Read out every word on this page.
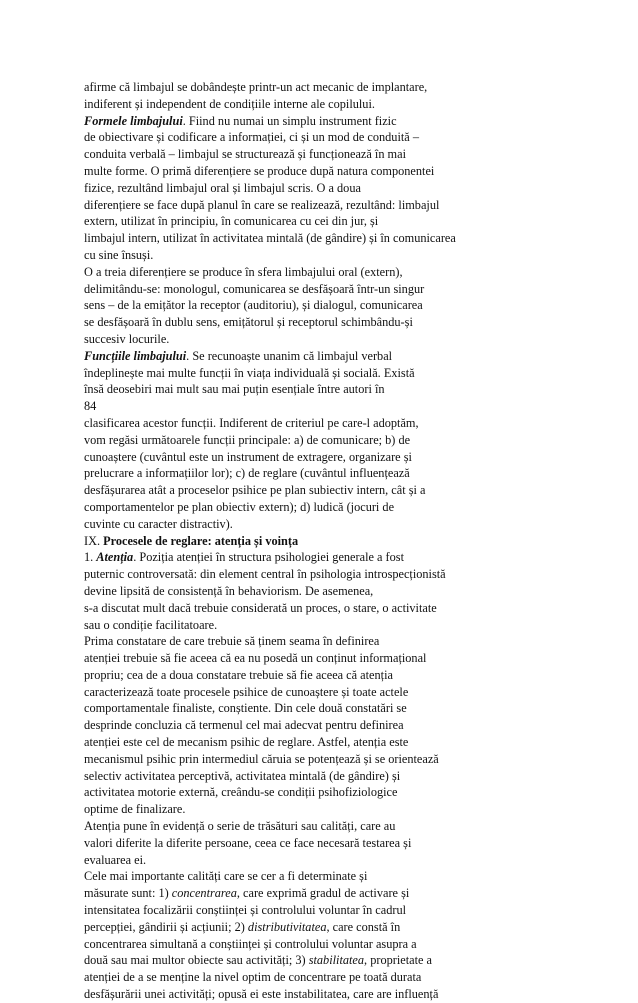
afirme că limbajul se dobândește printr-un act mecanic de implantare,
indiferent și independent de condițiile interne ale copilului.
Formele limbajului. Fiind nu numai un simplu instrument fizic
de obiectivare și codificare a informației, ci și un mod de conduită –
conduita verbală – limbajul se structurează și funcționează în mai
multe forme. O primă diferențiere se produce după natura componentei
fizice, rezultând limbajul oral și limbajul scris. O a doua
diferențiere se face după planul în care se realizează, rezultând: limbajul
extern, utilizat în principiu, în comunicarea cu cei din jur, și
limbajul intern, utilizat în activitatea mintală (de gândire) și în comunicarea
cu sine însuși.
O a treia diferențiere se produce în sfera limbajului oral (extern),
delimitându-se: monologul, comunicarea se desfășoară într-un singur
sens – de la emițător la receptor (auditoriu), și dialogul, comunicarea
se desfășoară în dublu sens, emițătorul și receptorul schimbându-și
succesiv locurile.
Funcțiile limbajului. Se recunoaște unanim că limbajul verbal
îndeplinește mai multe funcții în viața individuală și socială. Există
însă deosebiri mai mult sau mai puțin esențiale între autori în
84
clasificarea acestor funcții. Indiferent de criteriul pe care-l adoptăm,
vom regăsi următoarele funcții principale: a) de comunicare; b) de
cunoaștere (cuvântul este un instrument de extragere, organizare și
prelucrare a informațiilor lor); c) de reglare (cuvântul influențează
desfășurarea atât a proceselor psihice pe plan subiectiv intern, cât și a
comportamentelor pe plan obiectiv extern); d) ludică (jocuri de
cuvinte cu caracter distractiv).
IX. Procesele de reglare: atenția și voința
1. Atenția. Poziția atenției în structura psihologiei generale a fost
puternic controversată: din element central în psihologia introspecționistă
devine lipsită de consistență în behaviorism. De asemenea,
s-a discutat mult dacă trebuie considerată un proces, o stare, o activitate
sau o condiție facilitatoare.
Prima constatare de care trebuie să ținem seama în definirea
atenției trebuie să fie aceea că ea nu posedă un conținut informațional
propriu; cea de a doua constatare trebuie să fie aceea că atenția
caracterizează toate procesele psihice de cunoaștere și toate actele
comportamentale finaliste, conștiente. Din cele două constatări se
desprinde concluzia că termenul cel mai adecvat pentru definirea
atenției este cel de mecanism psihic de reglare. Astfel, atenția este
mecanismul psihic prin intermediul căruia se potențează și se orientează
selectiv activitatea perceptivă, activitatea mintală (de gândire) și
activitatea motorie externă, creându-se condiții psihofiziologice
optime de finalizare.
Atenția pune în evidență o serie de trăsături sau calități, care au
valori diferite la diferite persoane, ceea ce face necesară testarea și
evaluarea ei.
Cele mai importante calități care se cer a fi determinate și
măsurate sunt: 1) concentrarea, care exprimă gradul de activare și
intensitatea focalizării conștiinței și controlului voluntar în cadrul
percepției, gândirii și acțiunii; 2) distributivitatea, care constă în
concentrarea simultană a conștiinței și controlului voluntar asupra a
două sau mai multor obiecte sau activități; 3) stabilitatea, proprietate a
atenției de a se menține la nivel optim de concentrare pe toată durata
desfășurării unei activități; opusă ei este instabilitatea, care are influență
